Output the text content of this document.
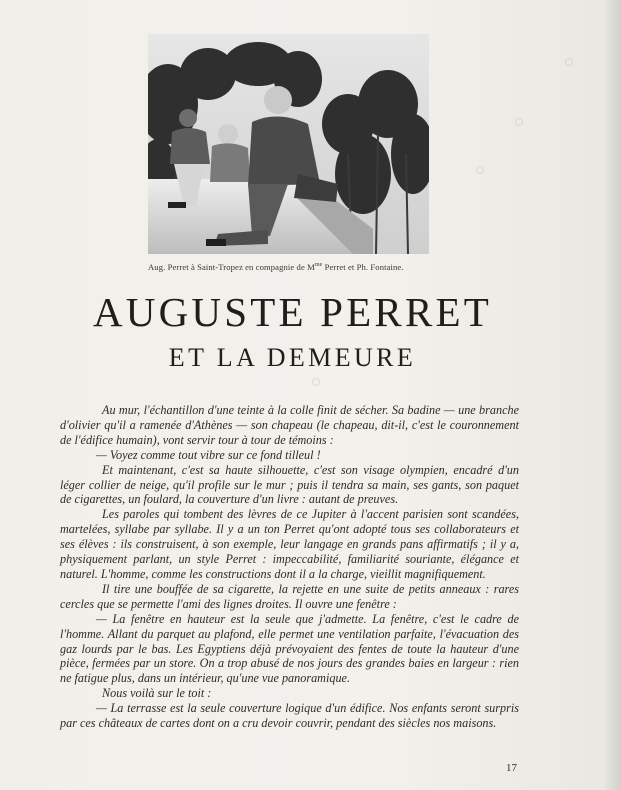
Aug. Perret à Saint-Tropez en compagnie de $M^{me}$ Perret et Ph. Fontaine.
AUGUSTE PERRET
ET LA DEMEURE

Au mur, l'échantillon d'une teinte à la colle finit de sécher. Sa badine — une branche d'olivier qu'il a ramenée d'Athènes — son chapeau (le chapeau, dit-il, c'est le couronnement de l'édifice humain), vont servir tour à tour de témoins :

— Voyez comme tout vibre sur ce fond tilleul !

Et maintenant, c'est sa haute silhouette, c'est son visage olympien, encadré d'un léger collier de neige, qu'il profile sur le mur ; puis il tendra sa main, ses gants, son paquet de cigarettes, un foulard, la couverture d'un livre : autant de preuves.

Les paroles qui tombent des lèvres de ce Jupiter à l'accent parisien sont scandées, martelées, syllabe par syllabe. Il y a un ton Perret qu'ont adopté tous ses collaborateurs et ses élèves : ils construisent, à son exemple, leur langage en grands pans affirmatifs ; il y a, physiquement parlant, un style Perret : impeccabilité, familiarité souriante, élégance et naturel. L'homme, comme les constructions dont il a la charge, vieillit magnifiquement.

Il tire une bouffée de sa cigarette, la rejette en une suite de petits anneaux : rares cercles que se permette l'ami des lignes droites. Il ouvre une fenêtre :

— La fenêtre en hauteur est la seule que j'admette. La fenêtre, c'est le cadre de l'homme. Allant du parquet au plafond, elle permet une ventilation parfaite, l'évacuation des gaz lourds par le bas. Les Egyptiens déjà prévoyaient des fentes de toute la hauteur d'une pièce, fermées par un store. On a trop abusé de nos jours des grandes baies en largeur : rien ne fatigue plus, dans un intérieur, qu'une vue panoramique.

Nous voilà sur le toit :

— La terrasse est la seule couverture logique d'un édifice. Nos enfants seront surpris par ces châteaux de cartes dont on a cru devoir couvrir, pendant des siècles nos maisons.

17
